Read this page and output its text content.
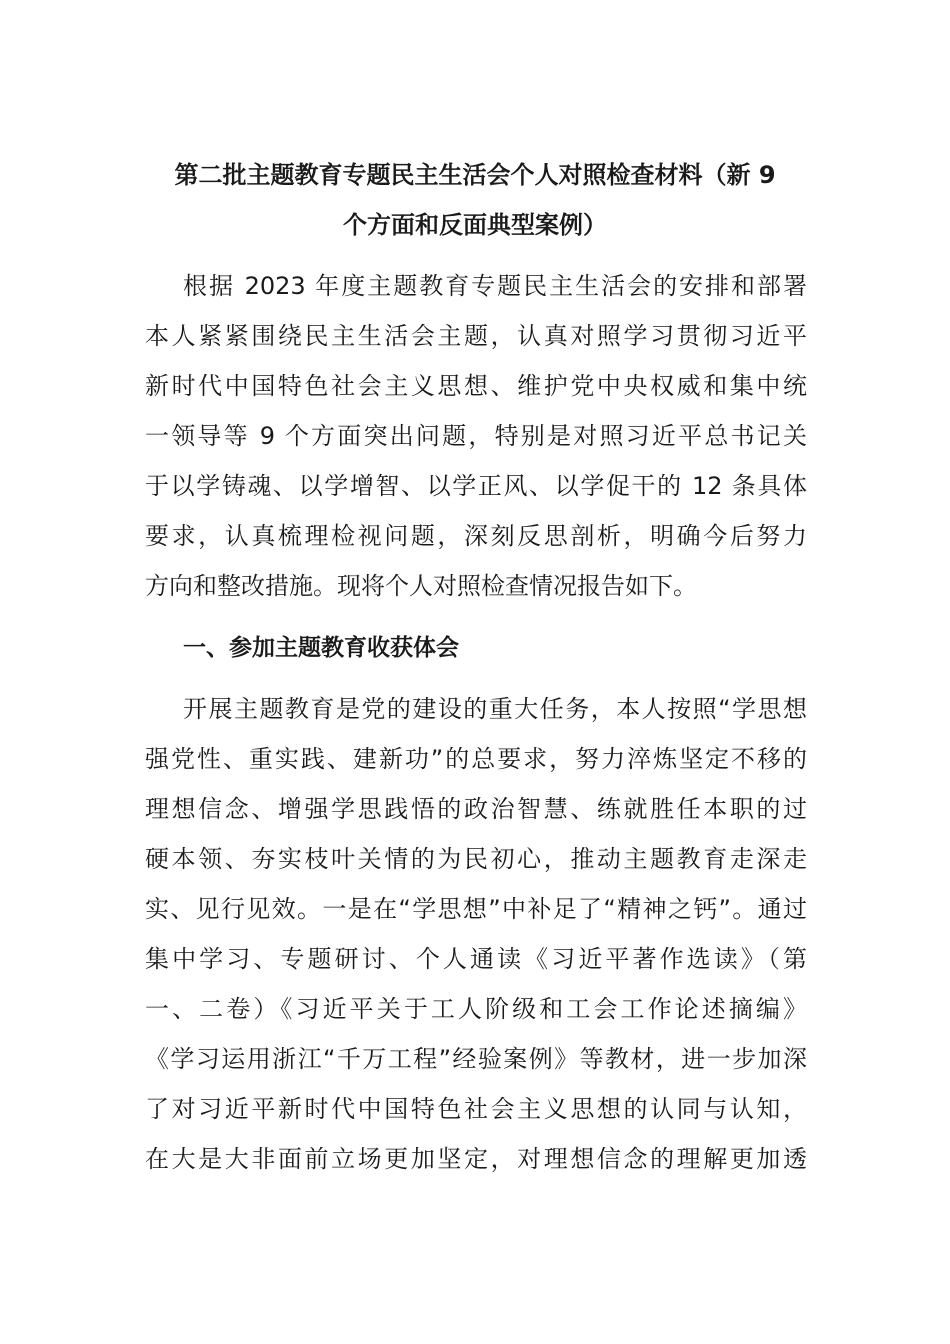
第二批主题教育专题民主生活会个人对照检查材料（新 9
个方面和反面典型案例）
根据 2023 年度主题教育专题民主生活会的安排和部署
本人紧紧围绕民主生活会主题，认真对照学习贯彻习近平
新时代中国特色社会主义思想、维护党中央权威和集中统
一领导等 9 个方面突出问题，特别是对照习近平总书记关
于以学铸魂、以学增智、以学正风、以学促干的 12 条具体
要求，认真梳理检视问题，深刻反思剖析，明确今后努力
方向和整改措施。现将个人对照检查情况报告如下。
一、参加主题教育收获体会
开展主题教育是党的建设的重大任务，本人按照“学思想
强党性、重实践、建新功”的总要求，努力淬炼坚定不移的
理想信念、增强学思践悟的政治智慧、练就胜任本职的过
硬本领、夯实枝叶关情的为民初心，推动主题教育走深走
实、见行见效。一是在“学思想”中补足了“精神之钙”。通过
集中学习、专题研讨、个人通读《习近平著作选读》（第
一、二卷）《习近平关于工人阶级和工会工作论述摘编》
《学习运用浙江“千万工程”经验案例》等教材，进一步加深
了对习近平新时代中国特色社会主义思想的认同与认知，
在大是大非面前立场更加坚定，对理想信念的理解更加透
